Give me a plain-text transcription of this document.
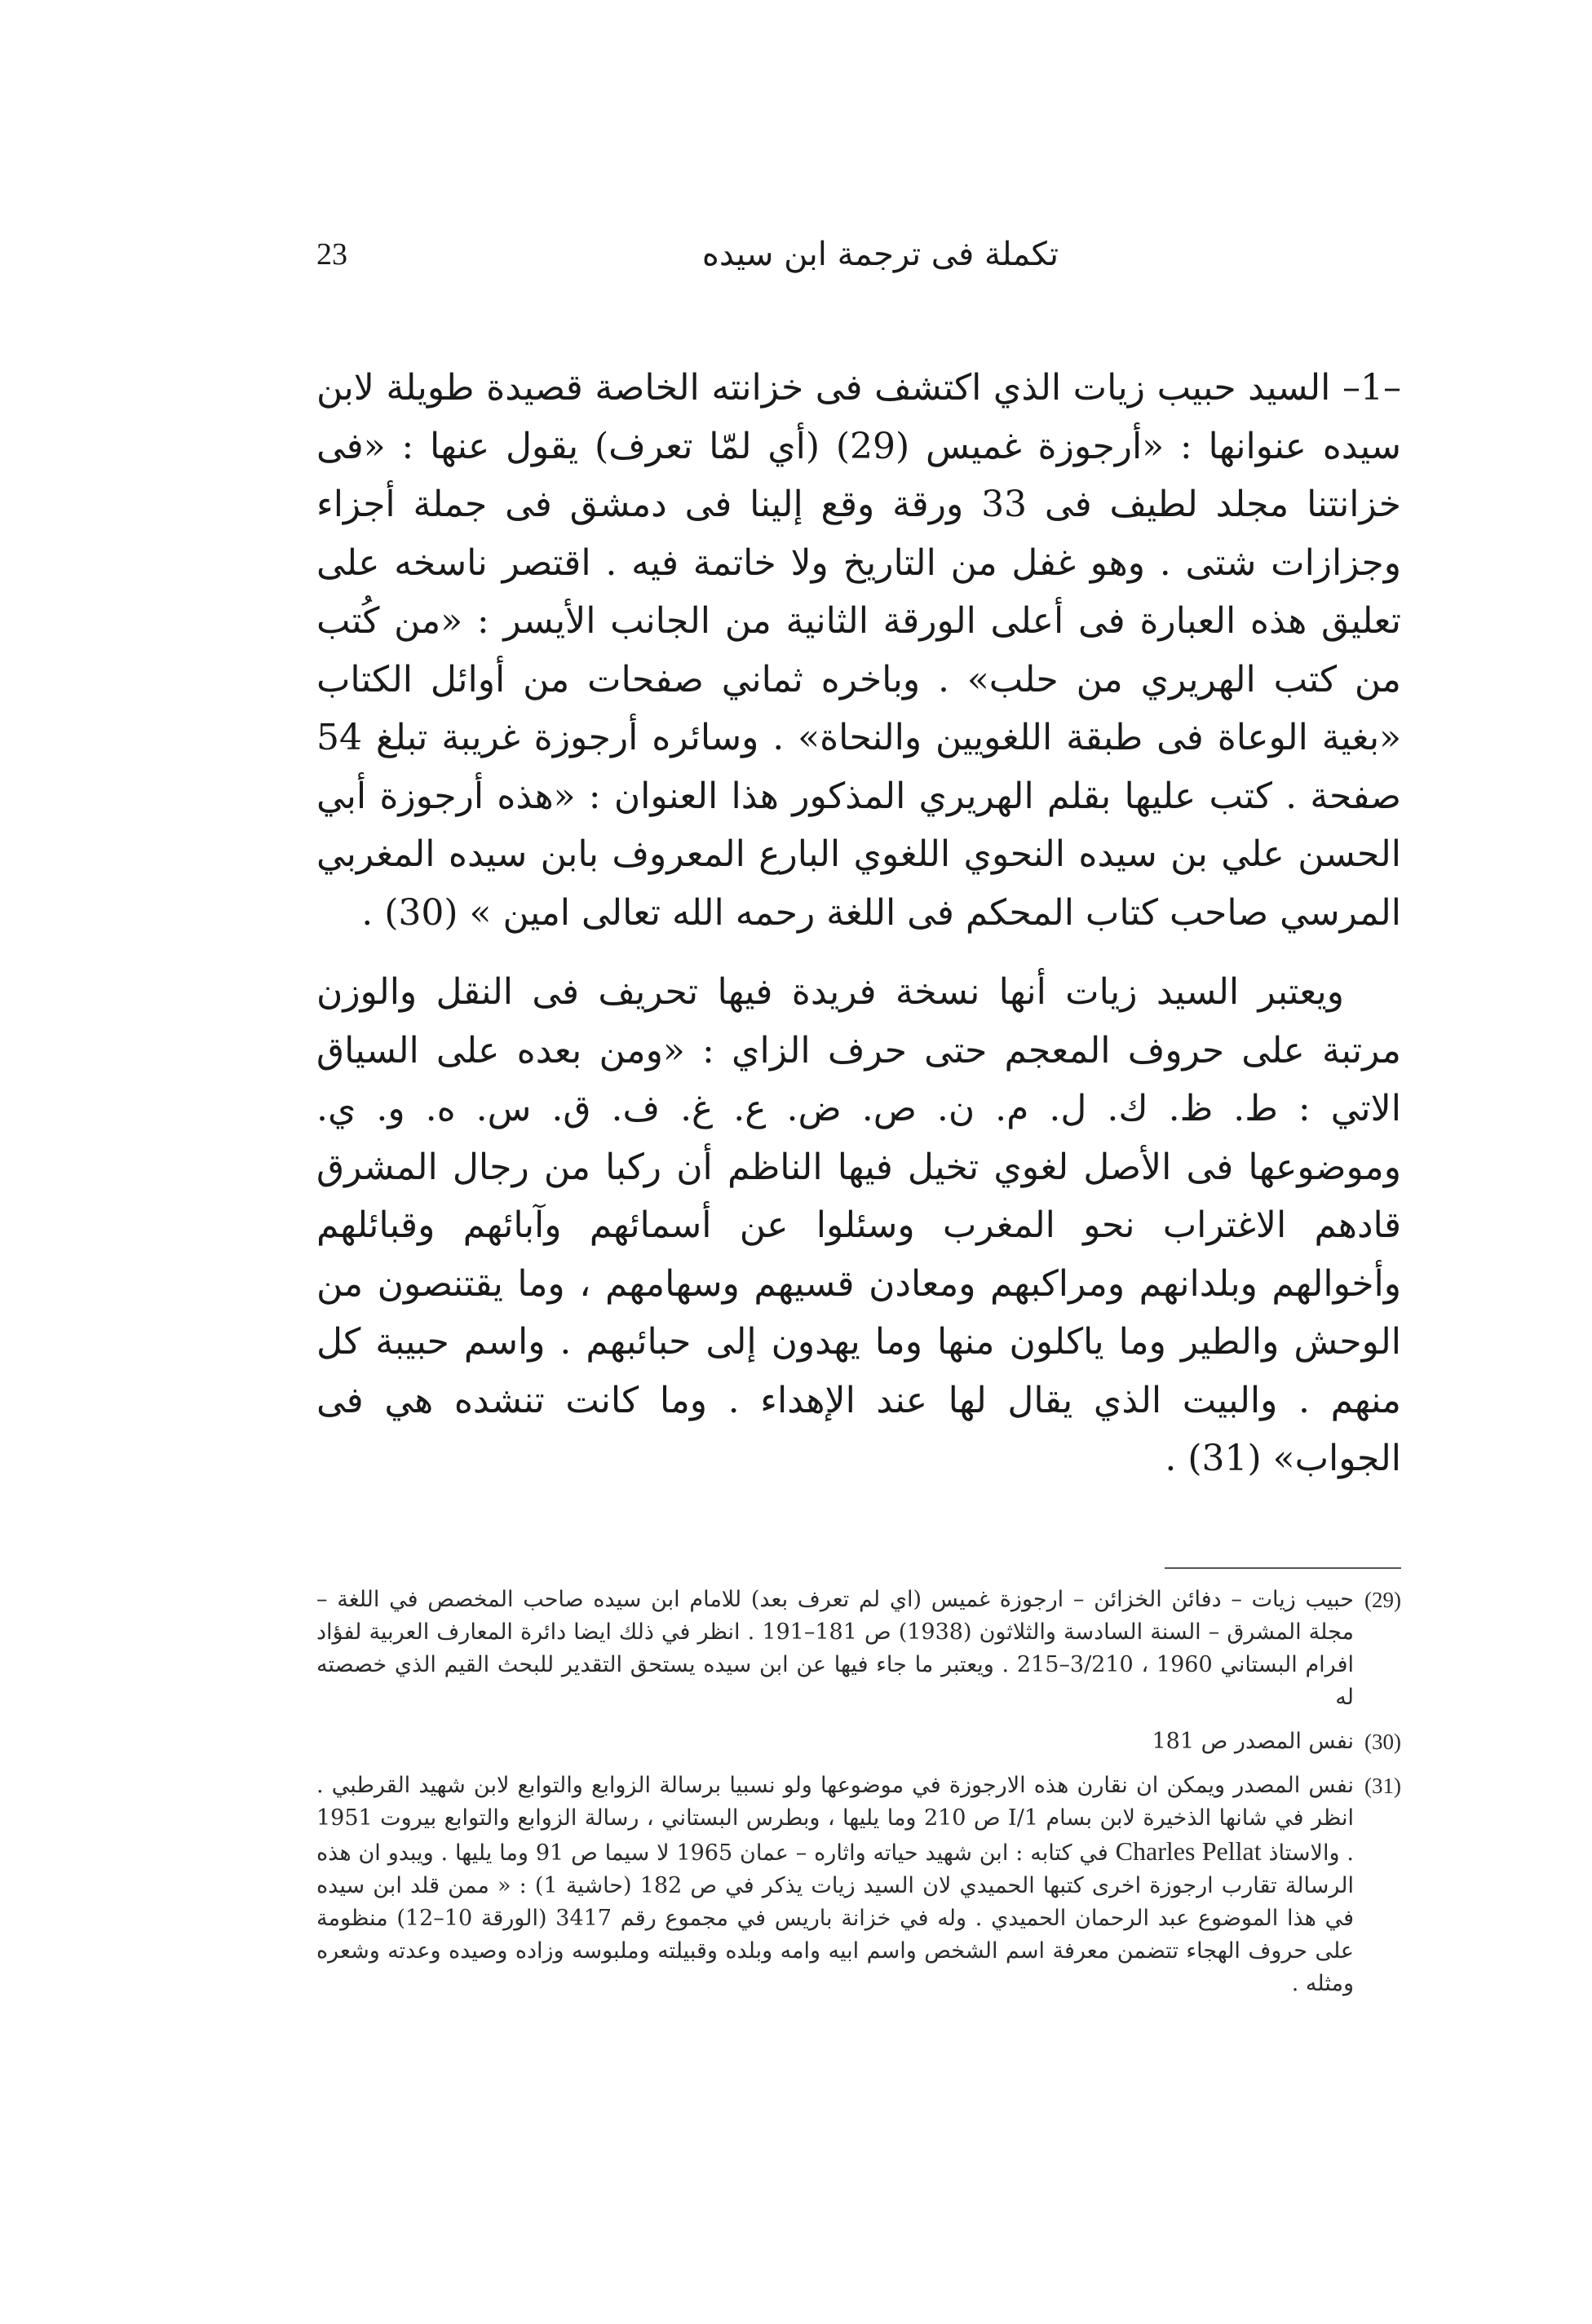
23	تكملة فى ترجمة ابن سيده

–1– السيد حبيب زيات الذي اكتشف فى خزانته الخاصة قصيدة طويلة لابن سيده عنوانها : «أرجوزة غميس (29) (أي لمّا تعرف) يقول عنها : «فى خزانتنا مجلد لطيف فى 33 ورقة وقع إلينا فى دمشق فى جملة أجزاء وجزازات شتى . وهو غفل من التاريخ ولا خاتمة فيه . اقتصر ناسخه على تعليق هذه العبارة فى أعلى الورقة الثانية من الجانب الأيسر : «من كُتب من كتب الهريري من حلب» . وباخره ثماني صفحات من أوائل الكتاب «بغية الوعاة فى طبقة اللغويين والنحاة» . وسائره أرجوزة غريبة تبلغ 54 صفحة . كتب عليها بقلم الهريري المذكور هذا العنوان : «هذه أرجوزة أبي الحسن علي بن سيده النحوي اللغوي البارع المعروف بابن سيده المغربي المرسي صاحب كتاب المحكم فى اللغة رحمه الله تعالى امين » (30) .

ويعتبر السيد زيات أنها نسخة فريدة فيها تحريف فى النقل والوزن مرتبة على حروف المعجم حتى حرف الزاي : «ومن بعده على السياق الاتي : ط. ظ. ك. ل. م. ن. ص. ض. ع. غ. ف. ق. س. ه. و. ي. وموضوعها فى الأصل لغوي تخيل فيها الناظم أن ركبا من رجال المشرق قادهم الاغتراب نحو المغرب وسئلوا عن أسمائهم وآبائهم وقبائلهم وأخوالهم وبلدانهم ومراكبهم ومعادن قسيهم وسهامهم ، وما يقتنصون من الوحش والطير وما ياكلون منها وما يهدون إلى حبائبهم . واسم حبيبة كل منهم . والبيت الذي يقال لها عند الإهداء . وما كانت تنشده هي فى الجواب» (31) .

(29)
حبيب زيات – دفائن الخزائن – ارجوزة غميس (اي لم تعرف بعد) للامام ابن سيده صاحب المخصص في اللغة – مجلة المشرق – السنة السادسة والثلاثون (1938) ص 181–191 . انظر في ذلك ايضا دائرة المعارف العربية لفؤاد افرام البستاني 1960 ، 3/210–215 . ويعتبر ما جاء فيها عن ابن سيده يستحق التقدير للبحث القيم الذي خصصته له
(30)
نفس المصدر ص 181
(31)
نفس المصدر ويمكن ان نقارن هذه الارجوزة في موضوعها ولو نسبيا برسالة الزوابع والتوابع لابن شهيد القرطبي . انظر في شانها الذخيرة لابن بسام 1/I ص 210 وما يليها ، وبطرس البستاني ، رسالة الزوابع والتوابع بيروت 1951 . والاستاذ Charles Pellat في كتابه : ابن شهيد حياته واثاره – عمان 1965 لا سيما ص 91 وما يليها . ويبدو ان هذه الرسالة تقارب ارجوزة اخرى كتبها الحميدي لان السيد زيات يذكر في ص 182 (حاشية 1) : « ممن قلد ابن سيده في هذا الموضوع عبد الرحمان الحميدي . وله في خزانة باريس في مجموع رقم 3417 (الورقة 10–12) منظومة على حروف الهجاء تتضمن معرفة اسم الشخص واسم ابيه وامه وبلده وقبيلته وملبوسه وزاده وصيده وعدته وشعره ومثله .
